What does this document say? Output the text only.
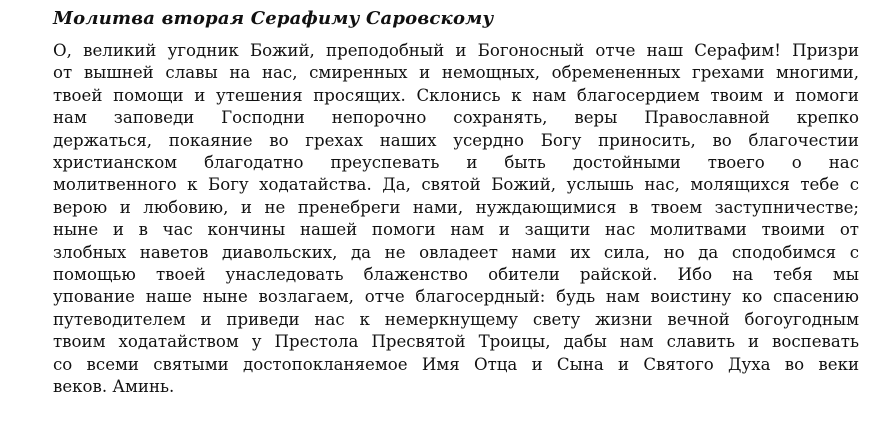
Молитва вторая Серафиму Саровскому
О, великий угодник Божий, преподобный и Богоносный отче наш Серафим! Призри
от вышней славы на нас, смиренных и немощных, обремененных грехами многими,
твоей помощи и утешения просящих. Склонись к нам благосердием твоим и помоги
нам заповеди Господни непорочно сохранять, веры Православной крепко
держаться, покаяние во грехах наших усердно Богу приносить, во благочестии
христианском благодатно преуспевать и быть достойными твоего о нас
молитвенного к Богу ходатайства. Да, святой Божий, услышь нас, молящихся тебе с
верою и любовию, и не пренебреги нами, нуждающимися в твоем заступничестве;
ныне и в час кончины нашей помоги нам и защити нас молитвами твоими от
злобных наветов диавольских, да не овладеет нами их сила, но да сподобимся с
помощью твоей унаследовать блаженство обители райской. Ибо на тебя мы
упование наше ныне возлагаем, отче благосердный: будь нам воистину ко спасению
путеводителем и приведи нас к немеркнущему свету жизни вечной богоугодным
твоим ходатайством у Престола Пресвятой Троицы, дабы нам славить и воспевать
со всеми святыми достопокланяемое Имя Отца и Сына и Святого Духа во веки
веков. Аминь.
